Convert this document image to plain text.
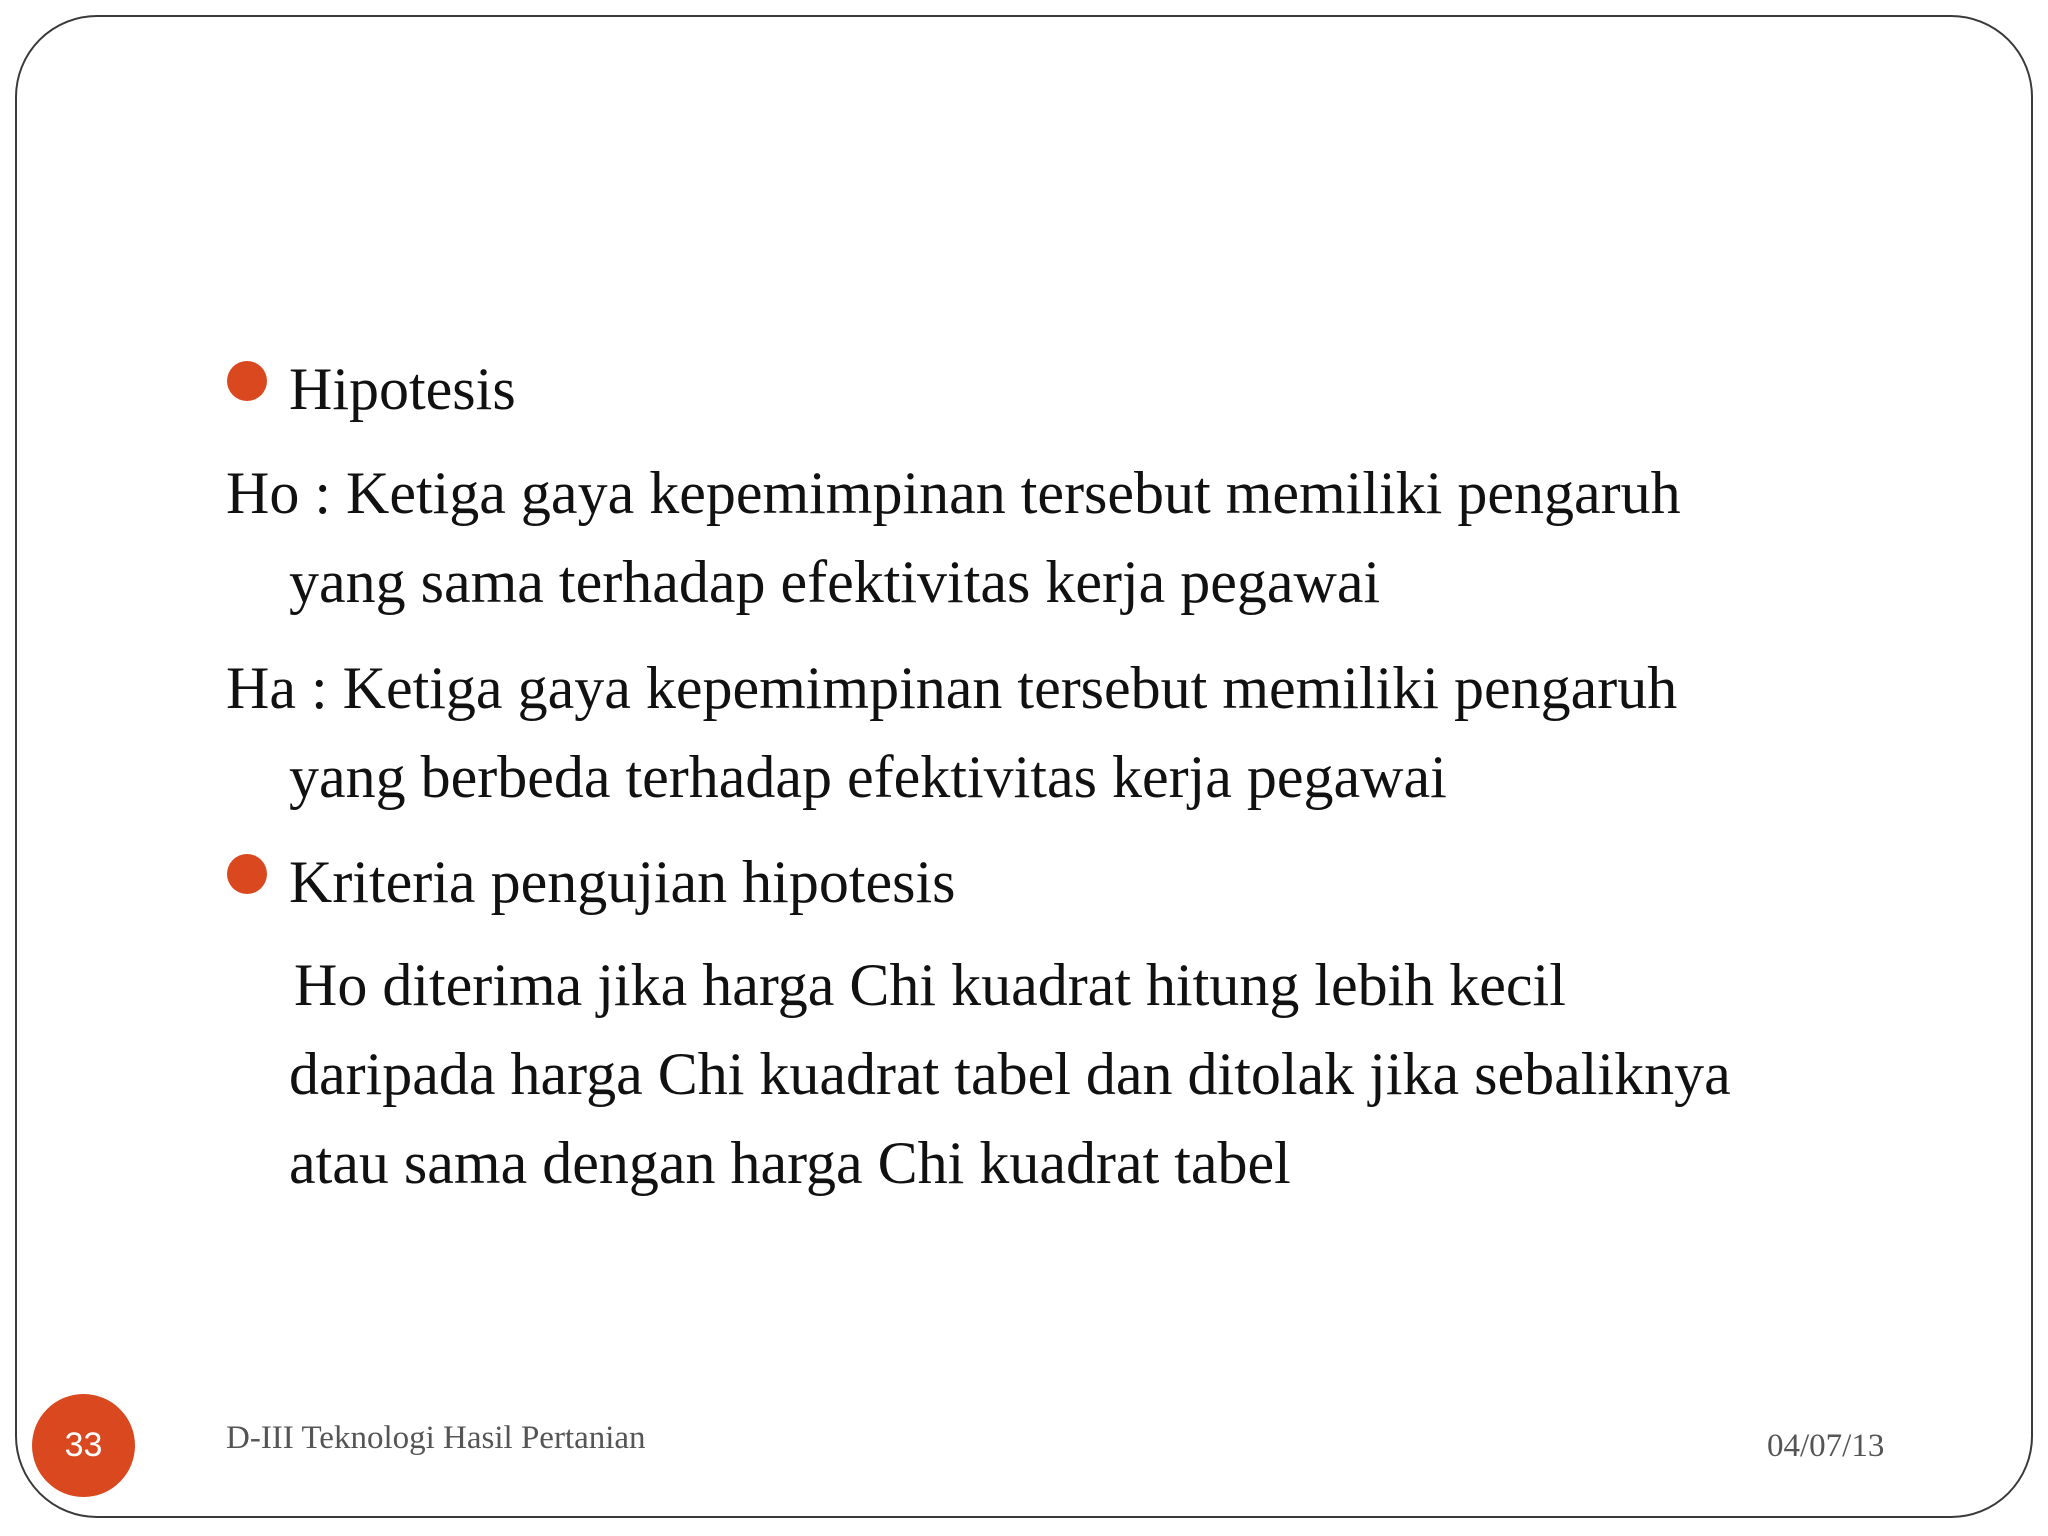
Hipotesis
Ho : Ketiga gaya kepemimpinan tersebut memiliki pengaruh
yang sama terhadap efektivitas kerja pegawai
Ha : Ketiga gaya kepemimpinan tersebut memiliki pengaruh
yang berbeda terhadap efektivitas kerja pegawai
Kriteria pengujian hipotesis
Ho diterima jika harga Chi kuadrat hitung lebih kecil
daripada harga Chi kuadrat tabel dan ditolak jika sebaliknya
atau sama dengan harga Chi kuadrat tabel
33	D-III Teknologi Hasil Pertanian	04/07/13
